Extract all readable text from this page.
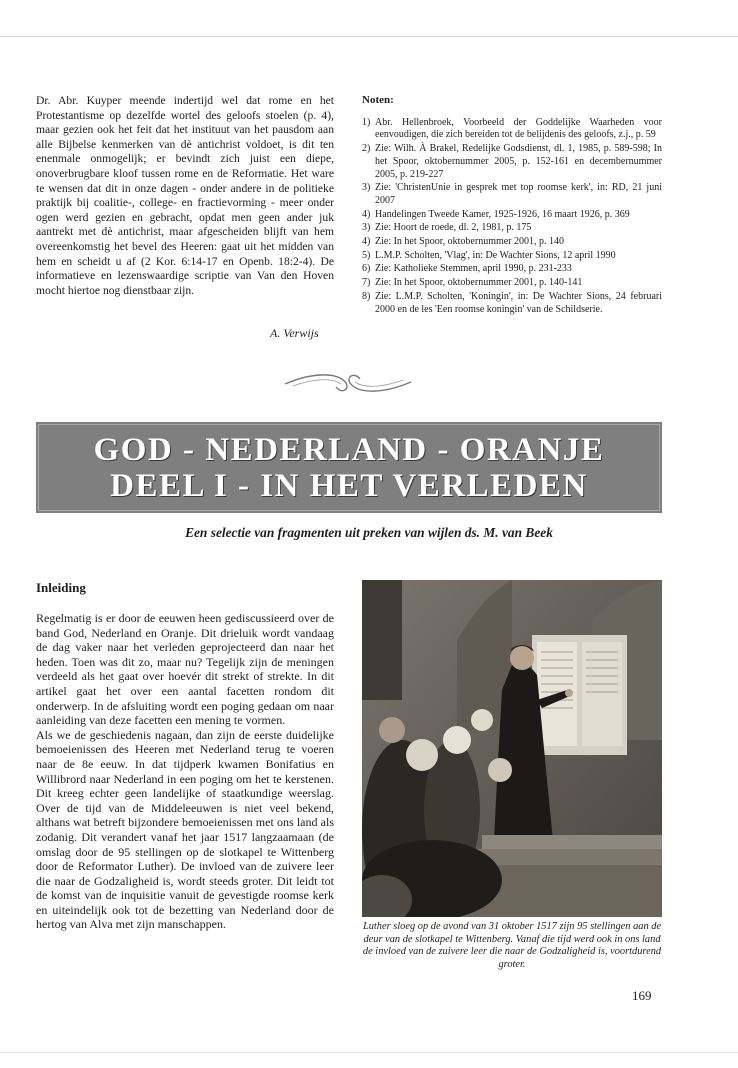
Dr. Abr. Kuyper meende indertijd wel dat rome en het Protestantisme op dezelfde wortel des geloofs stoelen (p. 4), maar gezien ook het feit dat het instituut van het pausdom aan alle Bijbelse kenmerken van dè antichrist voldoet, is dit ten enenmale onmogelijk; er bevindt zich juist een diepe, onoverbrugbare kloof tussen rome en de Reformatie. Het ware te wensen dat dit in onze dagen - onder andere in de politieke praktijk bij coalitie-, college- en fractievorming - meer onder ogen werd gezien en gebracht, opdat men geen ander juk aantrekt met dè antichrist, maar afgescheiden blijft van hem overeenkomstig het bevel des Heeren: gaat uit het midden van hem en scheidt u af (2 Kor. 6:14-17 en Openb. 18:2-4). De informatieve en lezenswaardige scriptie van Van den Hoven mocht hiertoe nog dienstbaar zijn.

A. Verwijs
Noten:
1) Abr. Hellenbroek, Voorbeeld der Goddelijke Waarheden voor eenvoudigen, die zich bereiden tot de belijdenis des geloofs, z.j., p. 59
2) Zie: Wilh. À Brakel, Redelijke Godsdienst, dl. 1, 1985, p. 589-598; In het Spoor, oktobernummer 2005, p. 152-161 en decembernummer 2005, p. 219-227
3) Zie: 'ChristenUnie in gesprek met top roomse kerk', in: RD, 21 juni 2007
4) Handelingen Tweede Kamer, 1925-1926, 16 maart 1926, p. 369
3) Zie: Hoort de roede, dl. 2, 1981, p. 175
4) Zie: In het Spoor, oktobernummer 2001, p. 140
5) L.M.P. Scholten, 'Vlag', in: De Wachter Sions, 12 april 1990
6) Zie: Katholieke Stemmen, april 1990, p. 231-233
7) Zie: In het Spoor, oktobernummer 2001, p. 140-141
8) Zie: L.M.P. Scholten, 'Koningin', in: De Wachter Sions, 24 februari 2000 en de les 'Een roomse koningin' van de Schildserie.
GOD - NEDERLAND - ORANJE
DEEL I - IN HET VERLEDEN
Een selectie van fragmenten uit preken van wijlen ds. M. van Beek
Inleiding

Regelmatig is er door de eeuwen heen gediscussieerd over de band God, Nederland en Oranje. Dit drieluik wordt vandaag de dag vaker naar het verleden geprojecteerd dan naar het heden. Toen was dit zo, maar nu? Tegelijk zijn de meningen verdeeld als het gaat over hoevér dit strekt of strekte. In dit artikel gaat het over een aantal facetten rondom dit onderwerp. In de afsluiting wordt een poging gedaan om naar aanleiding van deze facetten een mening te vormen.

Als we de geschiedenis nagaan, dan zijn de eerste duidelijke bemoeienissen des Heeren met Nederland terug te voeren naar de 8e eeuw. In dat tijdperk kwamen Bonifatius en Willibrord naar Nederland in een poging om het te kerstenen. Dit kreeg echter geen landelijke of staatkundige weerslag. Over de tijd van de Middeleeuwen is niet veel bekend, althans wat betreft bijzondere bemoeienissen met ons land als zodanig. Dit verandert vanaf het jaar 1517 langzaamaan (de omslag door de 95 stellingen op de slotkapel te Wittenberg door de Reformator Luther). De invloed van de zuivere leer die naar de Godzaligheid is, wordt steeds groter. Dit leidt tot de komst van de inquisitie vanuit de gevestigde roomse kerk en uiteindelijk ook tot de bezetting van Nederland door de hertog van Alva met zijn manschappen.	Luther sloeg op de avond van 31 oktober 1517 zijn 95 stellingen aan de deur van de slotkapel te Wittenberg. Vanaf die tijd werd ook in ons land de invloed van de zuivere leer die naar de Godzaligheid is, voortdurend groter.
169
